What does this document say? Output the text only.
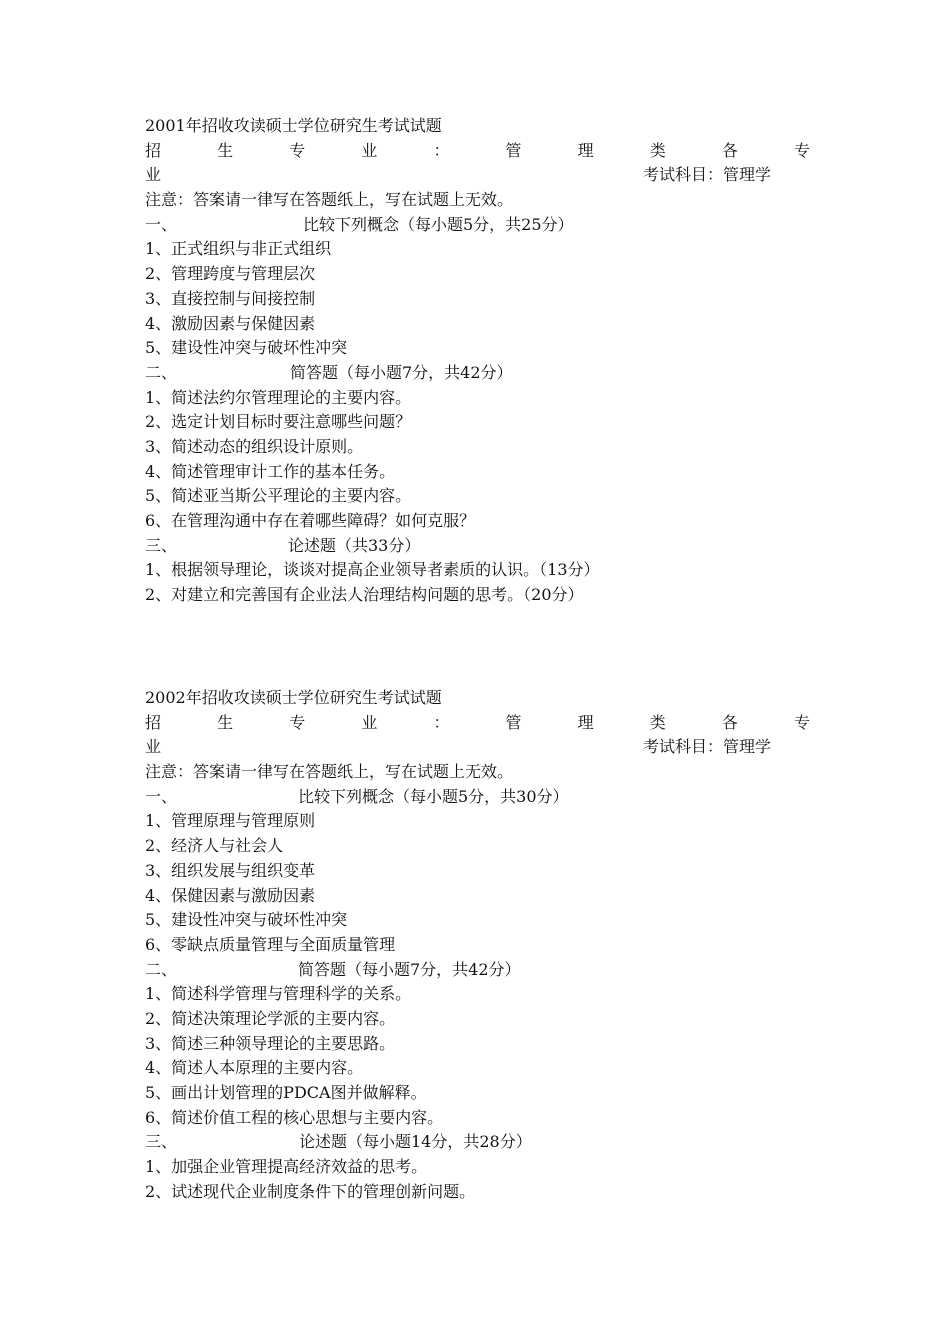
2001年招收攻读硕士学位研究生考试试题
招	生	专	业	：	管	理	类	各	专
业	考试科目：管理学
注意：答案请一律写在答题纸上，写在试题上无效。
一、	比较下列概念（每小题5分，共25分）
1、正式组织与非正式组织
2、管理跨度与管理层次
3、直接控制与间接控制
4、激励因素与保健因素
5、建设性冲突与破坏性冲突
二、	简答题（每小题7分，共42分）
1、简述法约尔管理理论的主要内容。
2、选定计划目标时要注意哪些问题？
3、简述动态的组织设计原则。
4、简述管理审计工作的基本任务。
5、简述亚当斯公平理论的主要内容。
6、在管理沟通中存在着哪些障碍？如何克服？
三、	论述题（共33分）
1、根据领导理论，谈谈对提高企业领导者素质的认识。（13分）
2、对建立和完善国有企业法人治理结构问题的思考。（20分）
2002年招收攻读硕士学位研究生考试试题
招	生	专	业	：	管	理	类	各	专
业	考试科目：管理学
注意：答案请一律写在答题纸上，写在试题上无效。
一、	比较下列概念（每小题5分，共30分）
1、管理原理与管理原则
2、经济人与社会人
3、组织发展与组织变革
4、保健因素与激励因素
5、建设性冲突与破坏性冲突
6、零缺点质量管理与全面质量管理
二、	简答题（每小题7分，共42分）
1、简述科学管理与管理科学的关系。
2、简述决策理论学派的主要内容。
3、简述三种领导理论的主要思路。
4、简述人本原理的主要内容。
5、画出计划管理的PDCA图并做解释。
6、简述价值工程的核心思想与主要内容。
三、	论述题（每小题14分，共28分）
1、加强企业管理提高经济效益的思考。
2、试述现代企业制度条件下的管理创新问题。
